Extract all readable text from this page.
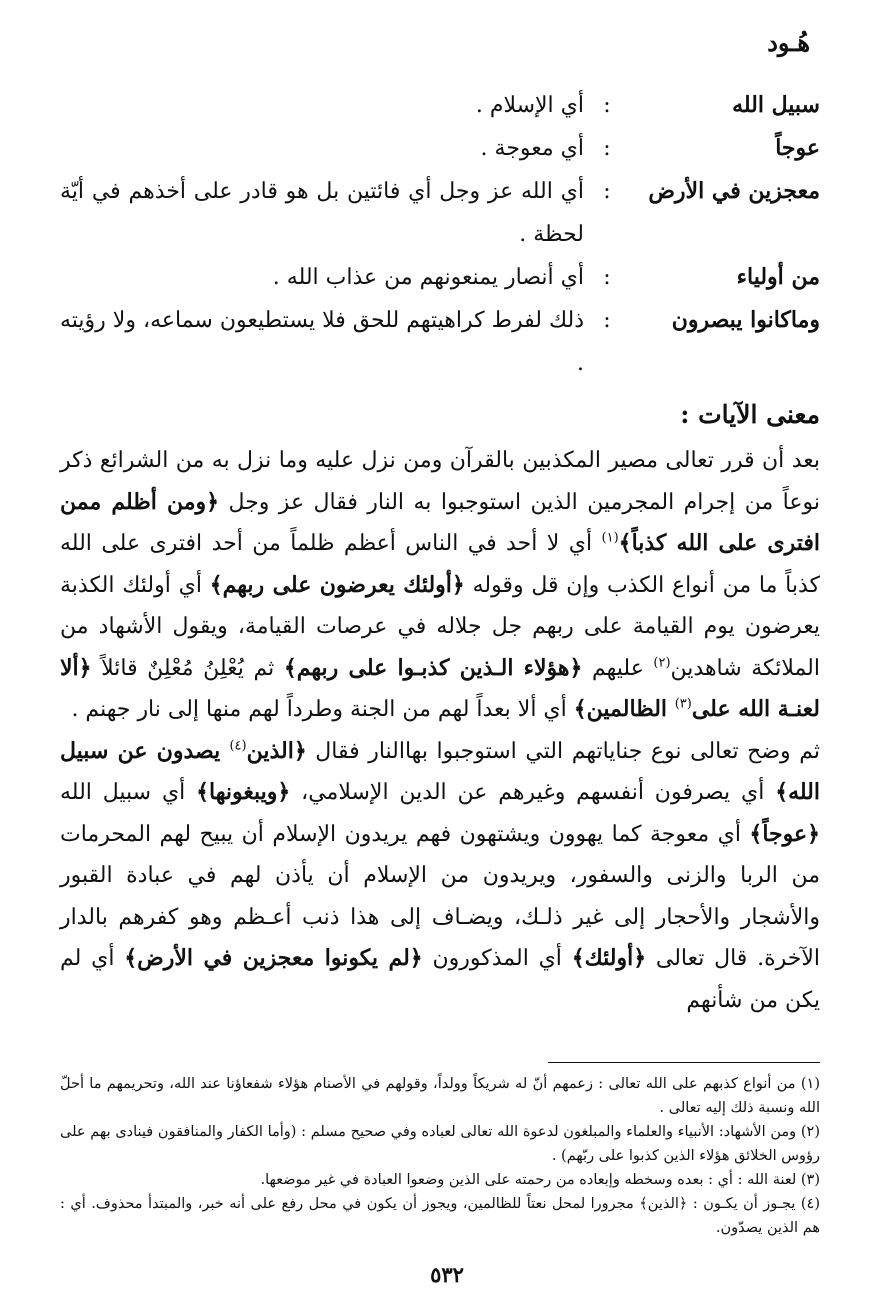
هُـود
سبيل الله
:
أي الإسلام .
عوجاً
:
أي معوجة .
معجزين في الأرض
:
أي الله عز وجل أي فائتين بل هو قادر على أخذهم في أيّة لحظة .
من أولياء
:
أي أنصار يمنعونهم من عذاب الله .
وماكانوا يبصرون
:
ذلك لفرط كراهيتهم للحق فلا يستطيعون سماعه، ولا رؤيته .
معنى الآيات :

بعد أن قرر تعالى مصير المكذبين بالقرآن ومن نزل عليه وما نزل به من الشرائع ذكر نوعاً من إجرام المجرمين الذين استوجبوا به النار فقال عز وجل ﴿ومن أظلم ممن افترى على الله كذباً﴾$^{(١)}$ أي لا أحد في الناس أعظم ظلماً من أحد افترى على الله كذباً ما من أنواع الكذب وإن قل وقوله ﴿أولئك يعرضون على ربهم﴾ أي أولئك الكذبة يعرضون يوم القيامة على ربهم جل جلاله في عرصات القيامة، ويقول الأشهاد من الملائكة شاهدين$^{(٢)}$ عليهم ﴿هؤلاء الـذين كذبـوا على ربهم﴾ ثم يُعْلِنُ مُعْلِنٌ قائلاً ﴿ألا لعنـة الله على$^{(٣)}$ الظالمين﴾ أي ألا بعداً لهم من الجنة وطرداً لهم منها إلى نار جهنم .

ثم وضح تعالى نوع جناياتهم التي استوجبوا بهاالنار فقال ﴿الذين$^{(٤)}$ يصدون عن سبيل الله﴾ أي يصرفون أنفسهم وغيرهم عن الدين الإسلامي، ﴿ويبغونها﴾ أي سبيل الله ﴿عوجاً﴾ أي معوجة كما يهوون ويشتهون فهم يريدون الإسلام أن يبيح لهم المحرمات من الربا والزنى والسفور، ويريدون من الإسلام أن يأذن لهم في عبادة القبور والأشجار والأحجار إلى غير ذلـك، ويضـاف إلى هذا ذنب أعـظم وهو كفرهم بالدار الآخرة. قال تعالى ﴿أولئك﴾ أي المذكورون ﴿لم يكونوا معجزين في الأرض﴾ أي لم يكن من شأنهم

(١) من أنواع كذبهم على الله تعالى : زعمهم أنّ له شريكاً وولداً، وقولهم في الأصنام هؤلاء شفعاؤنا عند الله، وتحريمهم ما أحلّ الله ونسبة ذلك إليه تعالى .

(٢) ومن الأشهاد: الأنبياء والعلماء والمبلغون لدعوة الله تعالى لعباده وفي صحيح مسلم : (وأما الكفار والمنافقون فينادى بهم على رؤوس الخلائق هؤلاء الذين كذبوا على ربّهم) .

(٣) لعنة الله : أي : بعده وسخطه وإبعاده من رحمته على الذين وضعوا العبادة في غير موضعها.

(٤) يجـوز أن يكـون : ﴿الذين﴾ مجرورا لمحل نعتاً للظالمين، ويجوز أن يكون في محل رفع على أنه خبر، والمبتدأ محذوف. أي : هم الذين يصدّون.

٥٣٢
